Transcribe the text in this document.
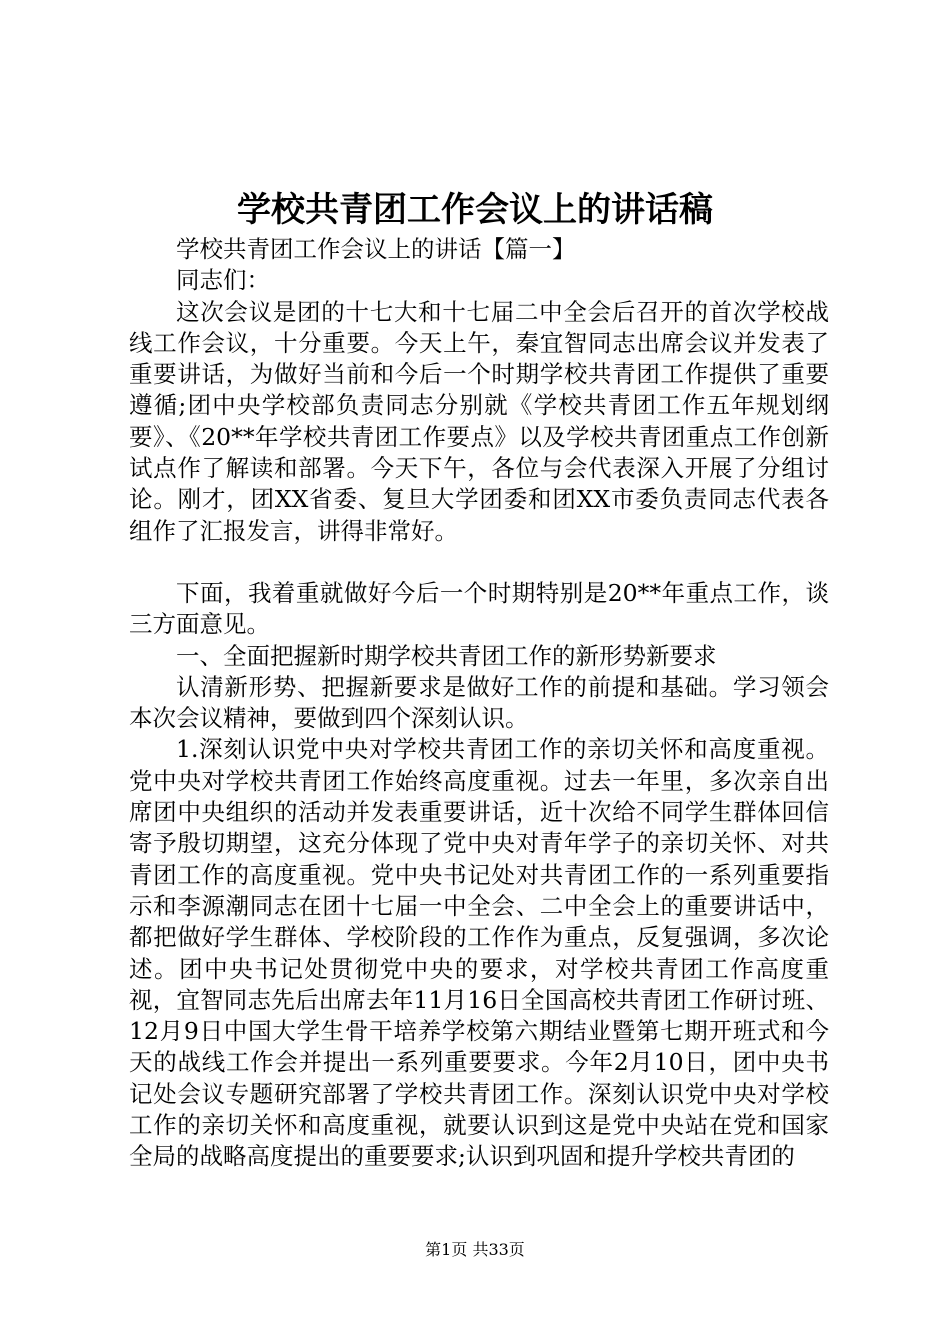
学校共青团工作会议上的讲话稿

学校共青团工作会议上的讲话【篇一】

同志们：

这次会议是团的十七大和十七届二中全会后召开的首次学校战线工作会议，十分重要。今天上午，秦宜智同志出席会议并发表了重要讲话，为做好当前和今后一个时期学校共青团工作提供了重要遵循;团中央学校部负责同志分别就《学校共青团工作五年规划纲要》、《20**年学校共青团工作要点》以及学校共青团重点工作创新试点作了解读和部署。今天下午，各位与会代表深入开展了分组讨论。刚才，团XX省委、复旦大学团委和团XX市委负责同志代表各组作了汇报发言，讲得非常好。

下面，我着重就做好今后一个时期特别是20**年重点工作，谈三方面意见。

一、全面把握新时期学校共青团工作的新形势新要求

认清新形势、把握新要求是做好工作的前提和基础。学习领会本次会议精神，要做到四个深刻认识。

1.深刻认识党中央对学校共青团工作的亲切关怀和高度重视。党中央对学校共青团工作始终高度重视。过去一年里，多次亲自出席团中央组织的活动并发表重要讲话，近十次给不同学生群体回信寄予殷切期望，这充分体现了党中央对青年学子的亲切关怀、对共青团工作的高度重视。党中央书记处对共青团工作的一系列重要指示和李源潮同志在团十七届一中全会、二中全会上的重要讲话中，都把做好学生群体、学校阶段的工作作为重点，反复强调，多次论述。团中央书记处贯彻党中央的要求，对学校共青团工作高度重视，宜智同志先后出席去年11月16日全国高校共青团工作研讨班、12月9日中国大学生骨干培养学校第六期结业暨第七期开班式和今天的战线工作会并提出一系列重要要求。今年2月10日，团中央书记处会议专题研究部署了学校共青团工作。深刻认识党中央对学校工作的亲切关怀和高度重视，就要认识到这是党中央站在党和国家全局的战略高度提出的重要要求;认识到巩固和提升学校共青团的

第1页 共33页
